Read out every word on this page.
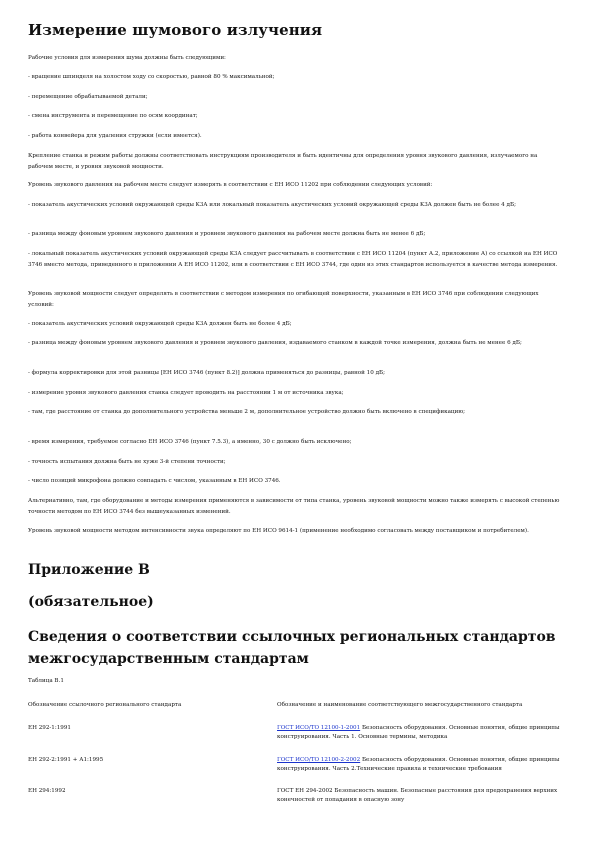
Измерение шумового излучения

Рабочие условия для измерения шума должны быть следующими:

- вращение шпинделя на холостом ходу со скоростью, равной 80 % максимальной;

- перемещение обрабатываемой детали;

- смена инструмента и перемещение по осям координат;

- работа конвейера для удаления стружки (если имеется).

Крепление станка и режим работы должны соответствовать инструкциям производителя и быть идентичны для определения уровня звукового давления, излучаемого на рабочем месте, и уровня звуковой мощности.

Уровень звукового давления на рабочем месте следует измерять в соответствии с ЕН ИСО 11202 при соблюдении следующих условий:

- показатель акустических условий окружающей среды K3A или локальный показатель акустических условий окружающей среды K3A должен быть не более 4 дБ;

- разница между фоновым уровнем звукового давления и уровнем звукового давления на рабочем месте должна быть не менее 6 дБ;

- локальный показатель акустических условий окружающей среды K3A следует рассчитывать в соответствии с ЕН ИСО 11204 (пункт А.2, приложение А) со ссылкой на ЕН ИСО 3746 вместо метода, приведенного в приложении А ЕН ИСО 11202, или в соответствии с ЕН ИСО 3744, где один из этих стандартов используется в качестве метода измерения.

Уровень звуковой мощности следует определять в соответствии с методом измерения по огибающей поверхности, указанным в ЕН ИСО 3746 при соблюдении следующих условий:

- показатель акустических условий окружающей среды K3A должен быть не более 4 дБ;

- разница между фоновым уровнем звукового давления и уровнем звукового давления, издаваемого станком в каждой точке измерения, должна быть не менее 6 дБ;

- формула корректировки для этой разницы [ЕН ИСО 3746 (пункт 8.2)] должна применяться до разницы, равной 10 дБ;

- измерение уровня звукового давления станка следует проводить на расстоянии 1 м от источника звука;

- там, где расстояние от станка до дополнительного устройства меньше 2 м, дополнительное устройство должно быть включено в спецификацию;

- время измерения, требуемое согласно ЕН ИСО 3746 (пункт 7.5.3), а именно, 30 с должно быть исключено;

- точность испытания должна быть не хуже 3-й степени точности;

- число позиций микрофона должно совпадать с числом, указанным в ЕН ИСО 3746.

Альтернативно, там, где оборудование и методы измерения применяются в зависимости от типа станка, уровень звуковой мощности можно также измерять с высокой степенью точности методом по ЕН ИСО 3744 без вышеуказанных изменений.

Уровень звуковой мощности методом интенсивности звука определяют по ЕН ИСО 9614-1 (применение необходимо согласовать между поставщиком и потребителем).

Приложение В
(обязательное)
Сведения о соответствии ссылочных региональных стандартов межгосударственным стандартам
Таблица В.1

Обозначение ссылочного регионального стандарта	Обозначение и наименование соответствующего межгосударственного стандарта

ЕН 292-1:1991	ГОСТ ИСО/ТО 12100-1-2001 Безопасность оборудования. Основные понятия, общие принципы конструирования. Часть 1. Основные термины, методика

ЕН 292-2:1991 + А1:1995	ГОСТ ИСО/ТО 12100-2-2002 Безопасность оборудования. Основные понятия, общие принципы конструирования. Часть 2.Технические правила и технические требования

ЕН 294:1992	ГОСТ ЕН 294-2002 Безопасность машин. Безопасные расстояния для предохранения верхних конечностей от попадания в опасную зону
